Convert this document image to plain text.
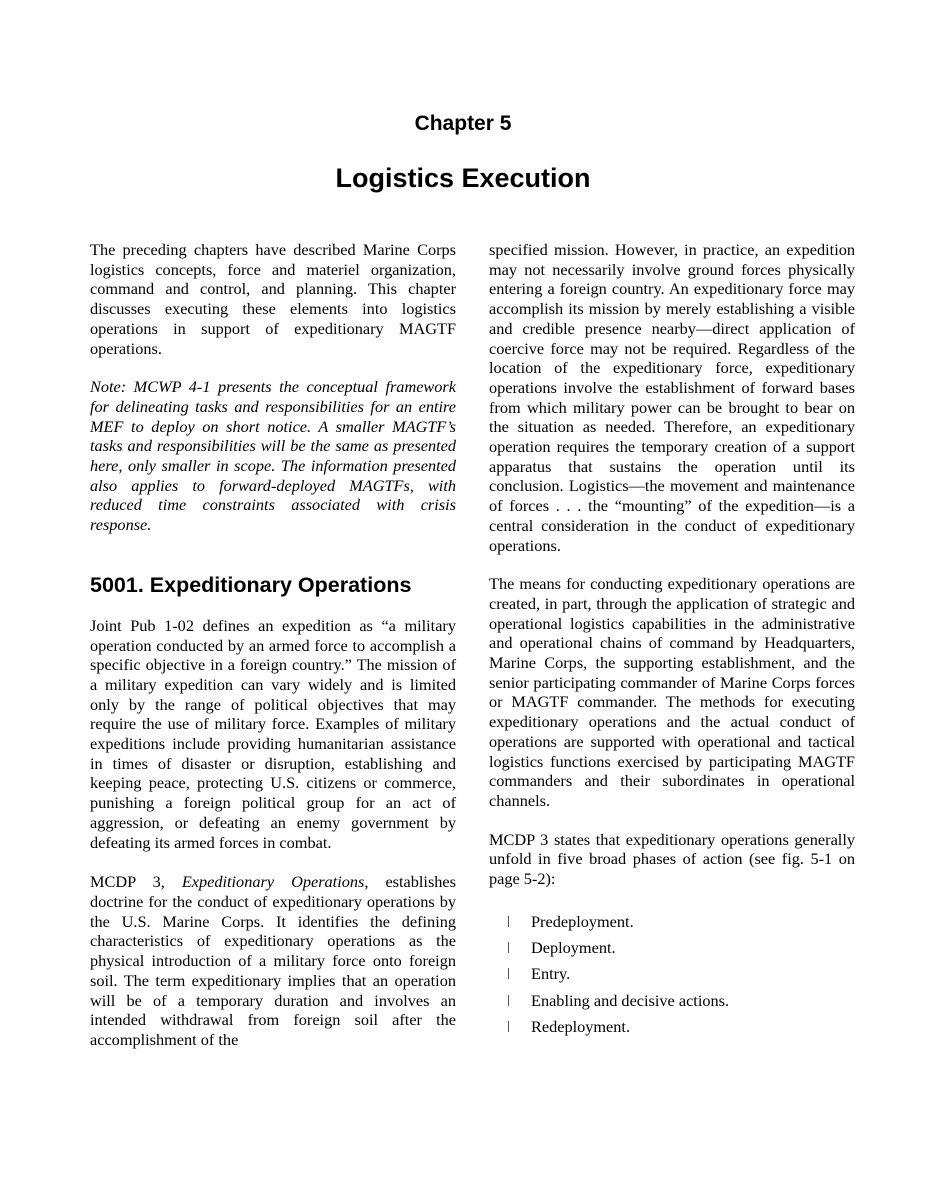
Chapter 5
Logistics Execution

The preceding chapters have described Marine Corps logistics concepts, force and materiel organization, command and control, and planning. This chapter discusses executing these elements into logistics operations in support of expeditionary MAGTF operations.

Note: MCWP 4-1 presents the conceptual framework for delineating tasks and responsibilities for an entire MEF to deploy on short notice. A smaller MAGTF’s tasks and responsibilities will be the same as presented here, only smaller in scope. The information presented also applies to forward-deployed MAGTFs, with reduced time constraints associated with crisis response.

5001. Expeditionary Operations

Joint Pub 1-02 defines an expedition as “a military operation conducted by an armed force to accomplish a specific objective in a foreign country.” The mission of a military expedition can vary widely and is limited only by the range of political objectives that may require the use of military force. Examples of military expeditions include providing humanitarian assistance in times of disaster or disruption, establishing and keeping peace, protecting U.S. citizens or commerce, punishing a foreign political group for an act of aggression, or defeating an enemy government by defeating its armed forces in combat.

MCDP 3, Expeditionary Operations, establishes doctrine for the conduct of expeditionary operations by the U.S. Marine Corps. It identifies the defining characteristics of expeditionary operations as the physical introduction of a military force onto foreign soil. The term expeditionary implies that an operation will be of a temporary duration and involves an intended withdrawal from foreign soil after the accomplishment of the

specified mission. However, in practice, an expedition may not necessarily involve ground forces physically entering a foreign country. An expeditionary force may accomplish its mission by merely establishing a visible and credible presence nearby—direct application of coercive force may not be required. Regardless of the location of the expeditionary force, expeditionary operations involve the establishment of forward bases from which military power can be brought to bear on the situation as needed. Therefore, an expeditionary operation requires the temporary creation of a support apparatus that sustains the operation until its conclusion. Logistics—the movement and maintenance of forces . . . the “mounting” of the expedition—is a central consideration in the conduct of expeditionary operations.

The means for conducting expeditionary operations are created, in part, through the application of strategic and operational logistics capabilities in the administrative and operational chains of command by Headquarters, Marine Corps, the supporting establishment, and the senior participating commander of Marine Corps forces or MAGTF commander. The methods for executing expeditionary operations and the actual conduct of operations are supported with operational and tactical logistics functions exercised by participating MAGTF commanders and their subordinates in operational channels.

MCDP 3 states that expeditionary operations generally unfold in five broad phases of action (see fig. 5-1 on page 5-2):

Predeployment.
Deployment.
Entry.
Enabling and decisive actions.
Redeployment.
